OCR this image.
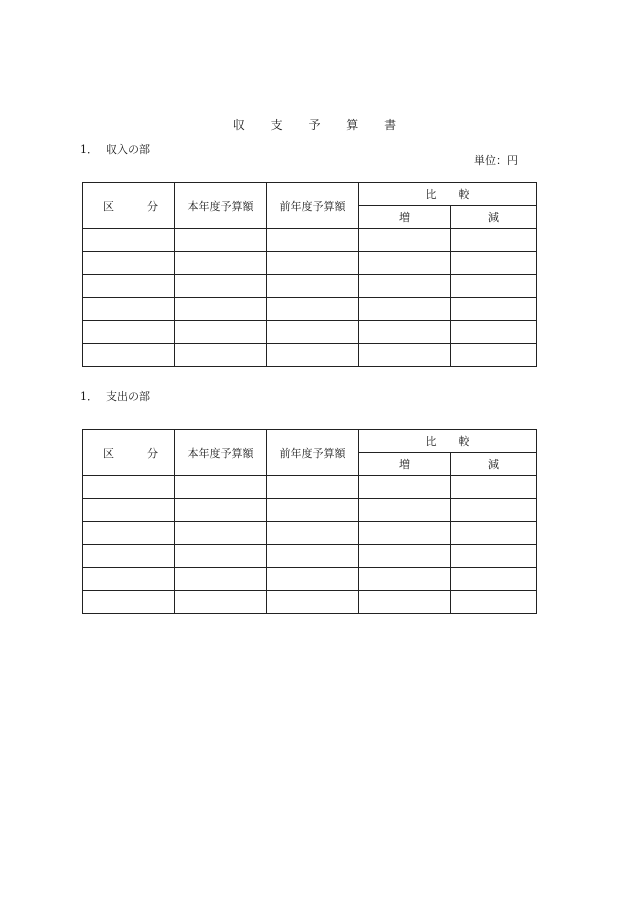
収 支 予 算 書
1． 収入の部
単位：円
区 分	本年度予算額	前年度予算額	比較	
			増	減

1． 支出の部
区 分	本年度予算額	前年度予算額	比較	
			増	減
